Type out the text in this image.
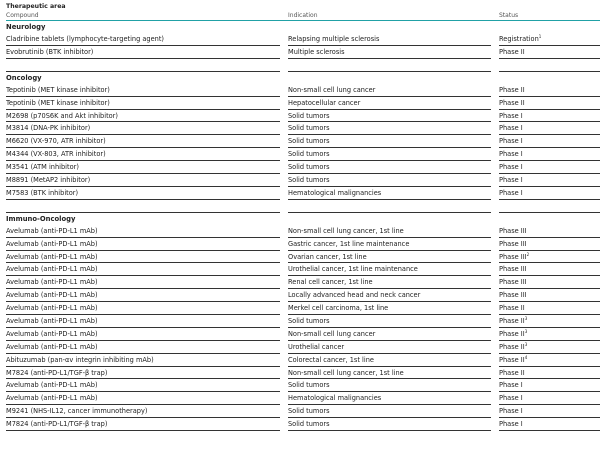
Therapeutic area
Compound	Indication	Status
Neurology
Cladribine tablets (lymphocyte-targeting agent)	Relapsing multiple sclerosis	Registration$^1$
Evobrutinib (BTK inhibitor)	Multiple sclerosis	Phase II
Oncology
Tepotinib (MET kinase inhibitor)	Non-small cell lung cancer	Phase II
Tepotinib (MET kinase inhibitor)	Hepatocellular cancer	Phase II
M2698 (p70S6K and Akt inhibitor)	Solid tumors	Phase I
M3814 (DNA-PK inhibitor)	Solid tumors	Phase I
M6620 (VX-970, ATR inhibitor)	Solid tumors	Phase I
M4344 (VX-803, ATR inhibitor)	Solid tumors	Phase I
M3541 (ATM inhibitor)	Solid tumors	Phase I
M8891 (MetAP2 inhibitor)	Solid tumors	Phase I
M7583 (BTK inhibitor)	Hematological malignancies	Phase I
Immuno-Oncology
Avelumab (anti-PD-L1 mAb)	Non-small cell lung cancer, 1st line	Phase III
Avelumab (anti-PD-L1 mAb)	Gastric cancer, 1st line maintenance	Phase III
Avelumab (anti-PD-L1 mAb)	Ovarian cancer, 1st line	Phase III$^2$
Avelumab (anti-PD-L1 mAb)	Urothelial cancer, 1st line maintenance	Phase III
Avelumab (anti-PD-L1 mAb)	Renal cell cancer, 1st line	Phase III
Avelumab (anti-PD-L1 mAb)	Locally advanced head and neck cancer	Phase III
Avelumab (anti-PD-L1 mAb)	Merkel cell carcinoma, 1st line	Phase II
Avelumab (anti-PD-L1 mAb)	Solid tumors	Phase $II^3$
Avelumab (anti-PD-L1 mAb)	Non-small cell lung cancer	Phase $II^3$
Avelumab (anti-PD-L1 mAb)	Urothelial cancer	Phase $II^3$
Abituzumab (pan-αv integrin inhibiting mAb)	Colorectal cancer, 1st line	Phase $II^4$
M7824 (anti-PD-L1/TGF-β trap)	Non-small cell lung cancer, 1st line	Phase II
Avelumab (anti-PD-L1 mAb)	Solid tumors	Phase I
Avelumab (anti-PD-L1 mAb)	Hematological malignancies	Phase I
M9241 (NHS-IL12, cancer immunotherapy)	Solid tumors	Phase I
M7824 (anti-PD-L1/TGF-β trap)	Solid tumors	Phase I
